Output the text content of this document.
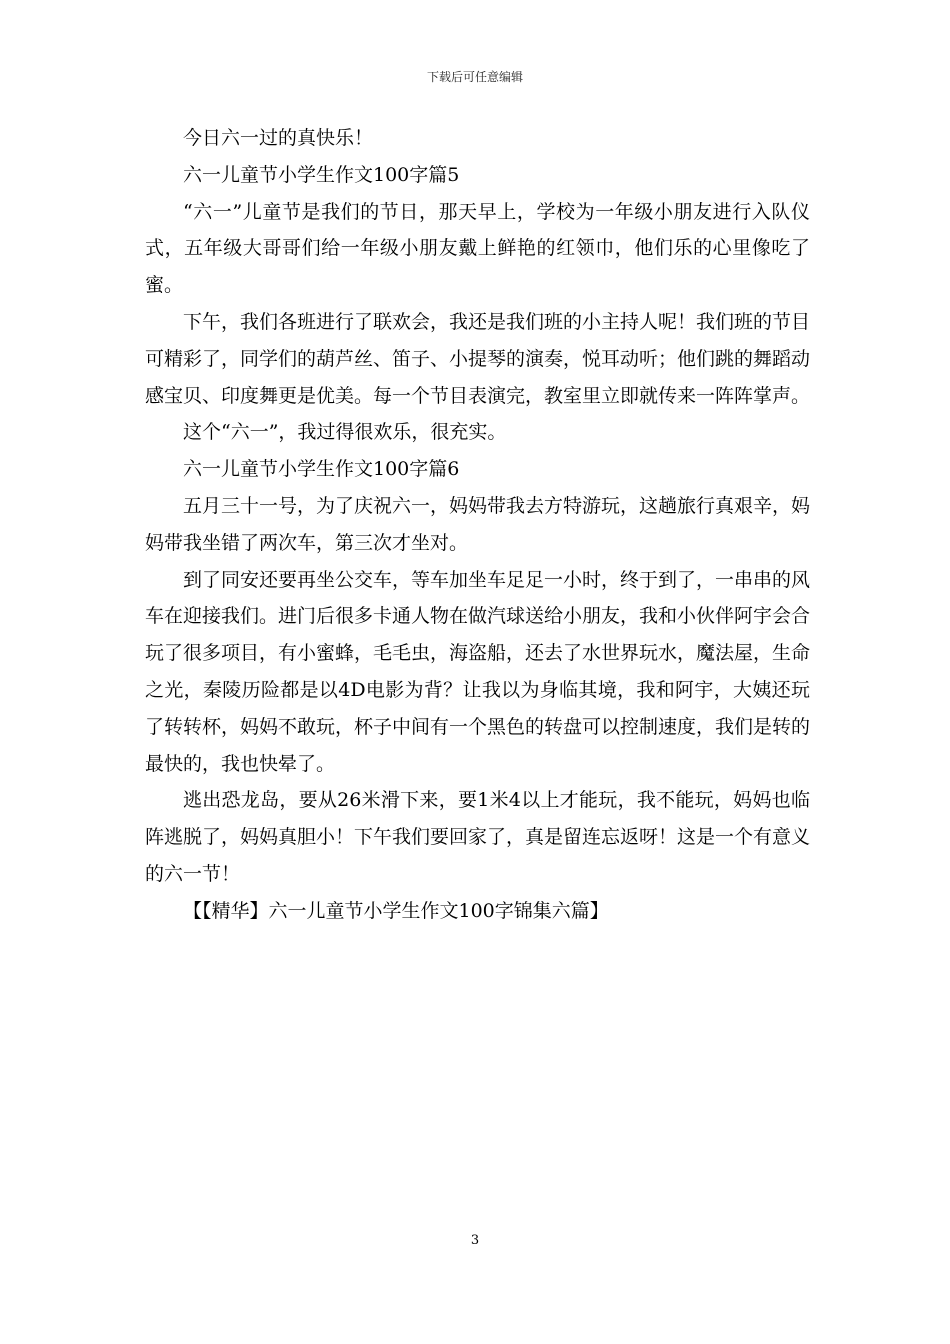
下载后可任意编辑

今日六一过的真快乐！

六一儿童节小学生作文100字篇5

“六一”儿童节是我们的节日，那天早上，学校为一年级小朋友进行入队仪式，五年级大哥哥们给一年级小朋友戴上鲜艳的红领巾，他们乐的心里像吃了蜜。

下午，我们各班进行了联欢会，我还是我们班的小主持人呢！我们班的节目可精彩了，同学们的葫芦丝、笛子、小提琴的演奏，悦耳动听；他们跳的舞蹈动感宝贝、印度舞更是优美。每一个节目表演完，教室里立即就传来一阵阵掌声。

这个“六一”，我过得很欢乐，很充实。

六一儿童节小学生作文100字篇6

五月三十一号，为了庆祝六一，妈妈带我去方特游玩，这趟旅行真艰辛，妈妈带我坐错了两次车，第三次才坐对。

到了同安还要再坐公交车，等车加坐车足足一小时，终于到了，一串串的风车在迎接我们。进门后很多卡通人物在做汽球送给小朋友，我和小伙伴阿宇会合玩了很多项目，有小蜜蜂，毛毛虫，海盗船，还去了水世界玩水，魔法屋，生命之光，秦陵历险都是以4D电影为背？让我以为身临其境，我和阿宇，大姨还玩了转转杯，妈妈不敢玩，杯子中间有一个黑色的转盘可以控制速度，我们是转的最快的，我也快晕了。

逃出恐龙岛，要从26米滑下来，要1米4以上才能玩，我不能玩，妈妈也临阵逃脱了，妈妈真胆小！下午我们要回家了，真是留连忘返呀！这是一个有意义的六一节！

【【精华】六一儿童节小学生作文100字锦集六篇】

3
